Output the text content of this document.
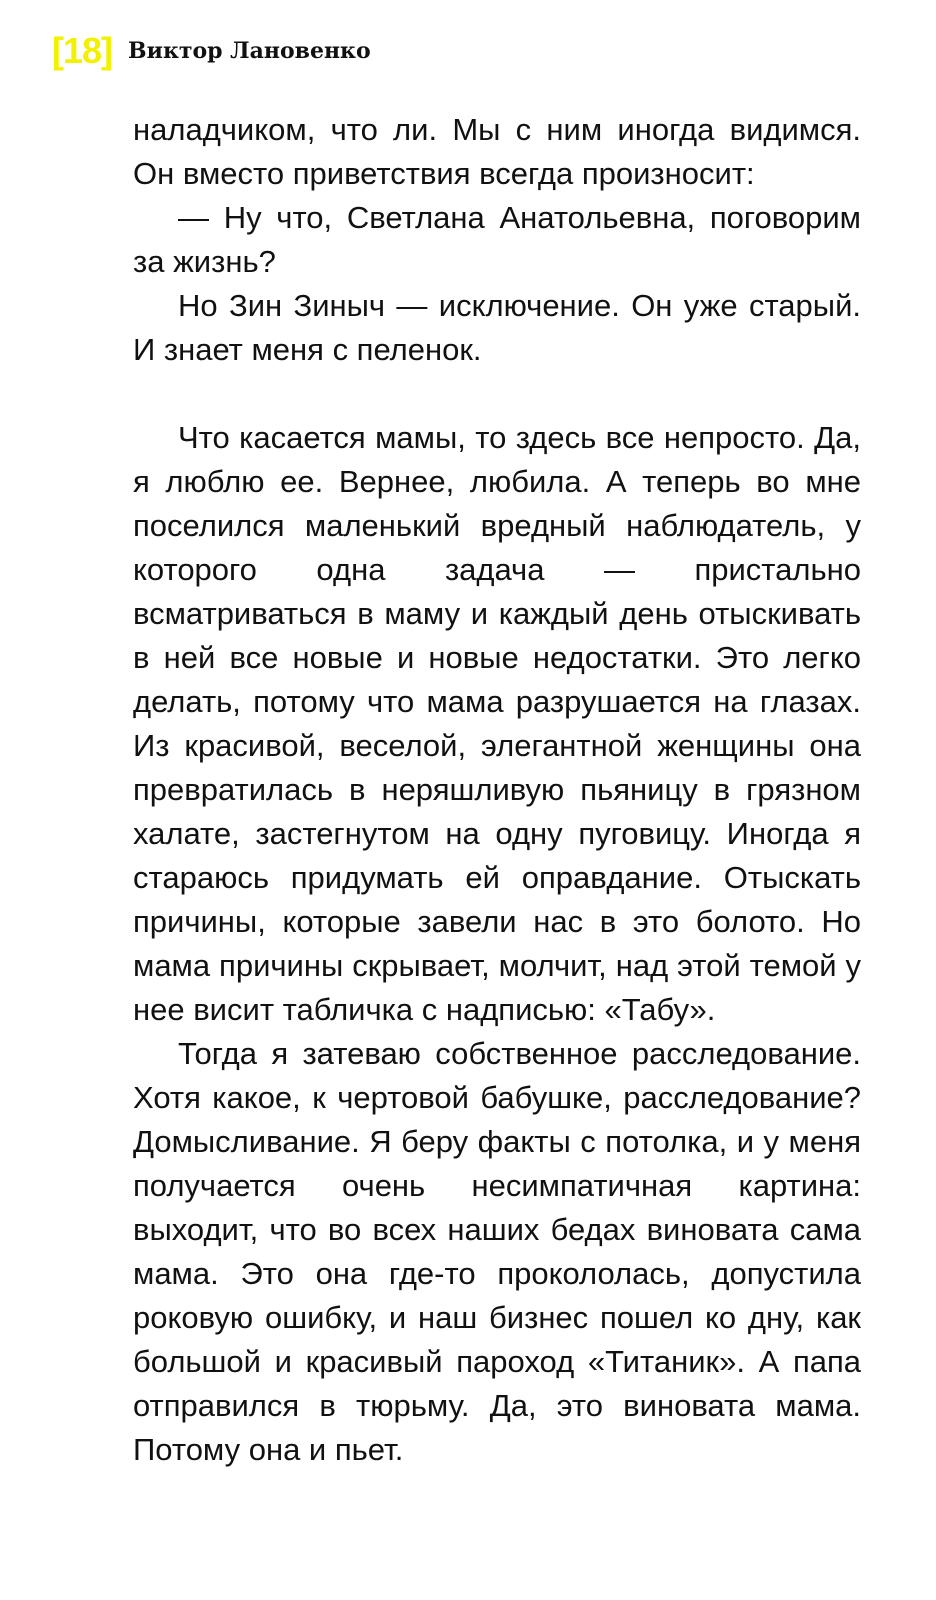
[18] Виктор Лановенко

наладчиком, что ли. Мы с ним иногда видимся. Он вместо приветствия всегда произносит:

— Ну что, Светлана Анатольевна, поговорим за жизнь?

Но Зин Зиныч — исключение. Он уже старый. И знает меня с пеленок.

Что касается мамы, то здесь все непросто. Да, я люблю ее. Вернее, любила. А теперь во мне поселился маленький вредный наблюдатель, у которого одна задача — пристально всматриваться в маму и каждый день отыскивать в ней все новые и новые недостатки. Это легко делать, потому что мама разрушается на глазах. Из красивой, веселой, элегантной женщины она превратилась в неряшливую пьяницу в грязном халате, застегнутом на одну пуговицу. Иногда я стараюсь придумать ей оправдание. Отыскать причины, которые завели нас в это болото. Но мама причины скрывает, молчит, над этой темой у нее висит табличка с надписью: «Табу».

Тогда я затеваю собственное расследование. Хотя какое, к чертовой бабушке, расследование? Домысливание. Я беру факты с потолка, и у меня получается очень несимпатичная картина: выходит, что во всех наших бедах виновата сама мама. Это она где-то прокололась, допустила роковую ошибку, и наш бизнес пошел ко дну, как большой и красивый пароход «Титаник». А папа отправился в тюрьму. Да, это виновата мама. Потому она и пьет.
